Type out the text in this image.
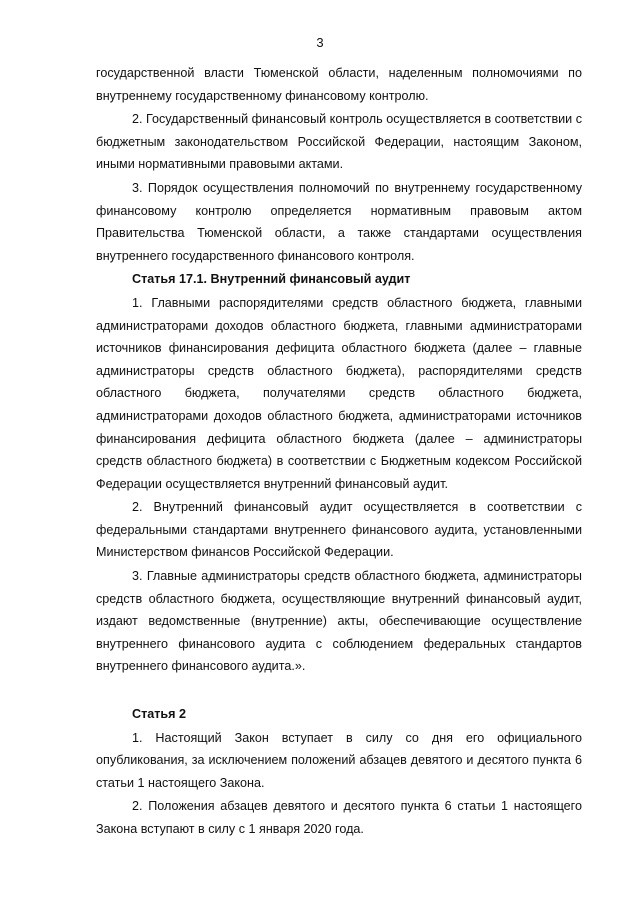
3

государственной власти Тюменской области, наделенным полномочиями по внутреннему государственному финансовому контролю.

2. Государственный финансовый контроль осуществляется в соответствии с бюджетным законодательством Российской Федерации, настоящим Законом, иными нормативными правовыми актами.

3. Порядок осуществления полномочий по внутреннему государственному финансовому контролю определяется нормативным правовым актом Правительства Тюменской области, а также стандартами осуществления внутреннего государственного финансового контроля.

Статья 17.1. Внутренний финансовый аудит

1. Главными распорядителями средств областного бюджета, главными администраторами доходов областного бюджета, главными администраторами источников финансирования дефицита областного бюджета (далее – главные администраторы средств областного бюджета), распорядителями средств областного бюджета, получателями средств областного бюджета, администраторами доходов областного бюджета, администраторами источников финансирования дефицита областного бюджета (далее – администраторы средств областного бюджета) в соответствии с Бюджетным кодексом Российской Федерации осуществляется внутренний финансовый аудит.

2. Внутренний финансовый аудит осуществляется в соответствии с федеральными стандартами внутреннего финансового аудита, установленными Министерством финансов Российской Федерации.

3. Главные администраторы средств областного бюджета, администраторы средств областного бюджета, осуществляющие внутренний финансовый аудит, издают ведомственные (внутренние) акты, обеспечивающие осуществление внутреннего финансового аудита с соблюдением федеральных стандартов внутреннего финансового аудита.».

Статья 2

1. Настоящий Закон вступает в силу со дня его официального опубликования, за исключением положений абзацев девятого и десятого пункта 6 статьи 1 настоящего Закона.

2. Положения абзацев девятого и десятого пункта 6 статьи 1 настоящего Закона вступают в силу с 1 января 2020 года.
